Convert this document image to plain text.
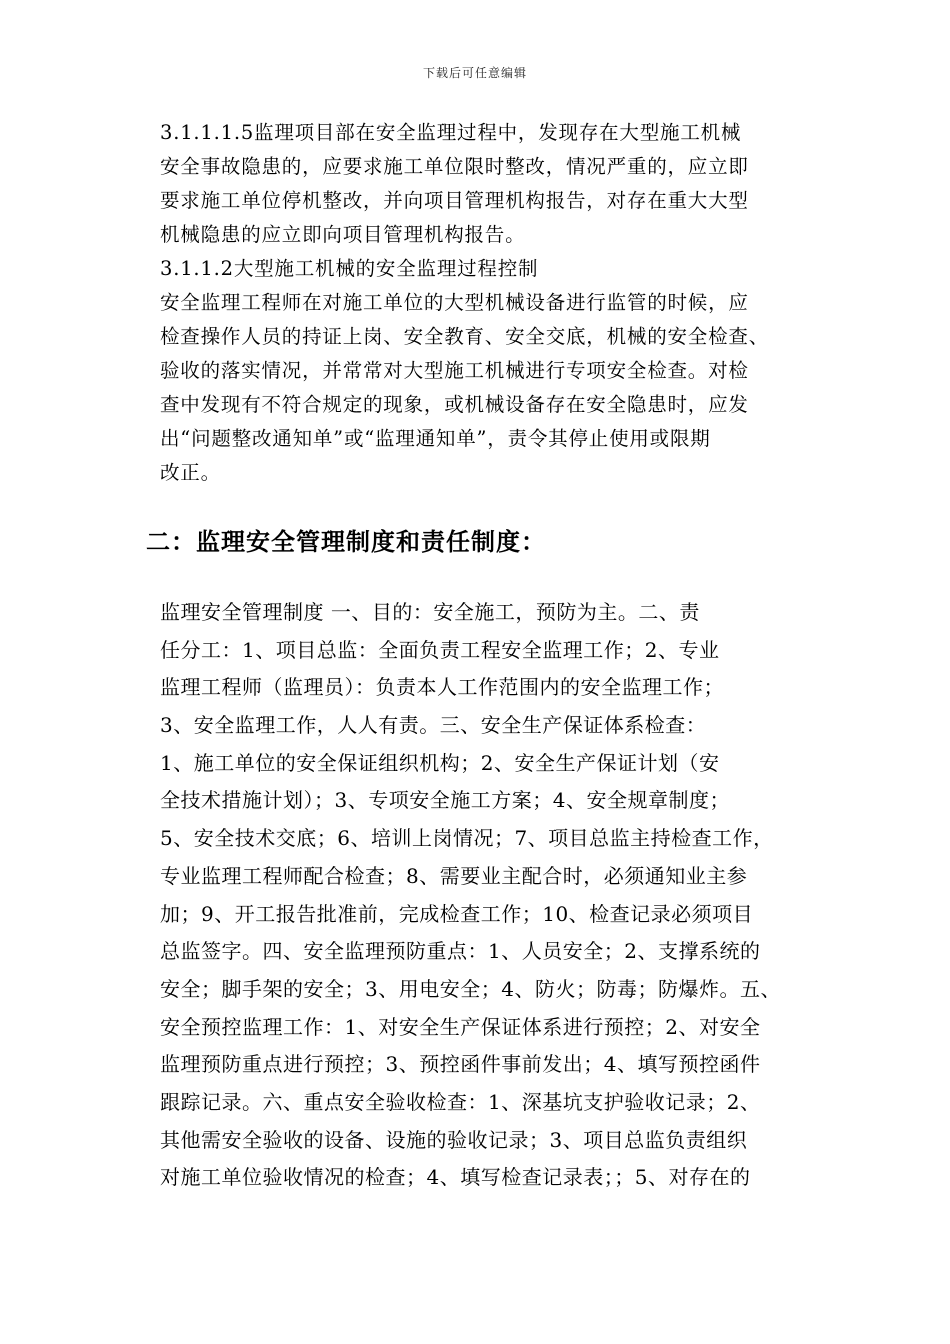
下载后可任意编辑
3.1.1.1.5监理项目部在安全监理过程中，发现存在大型施工机械
安全事故隐患的，应要求施工单位限时整改，情况严重的，应立即
要求施工单位停机整改，并向项目管理机构报告，对存在重大大型
机械隐患的应立即向项目管理机构报告。
3.1.1.2大型施工机械的安全监理过程控制
安全监理工程师在对施工单位的大型机械设备进行监管的时候，应
检查操作人员的持证上岗、安全教育、安全交底，机械的安全检查、
验收的落实情况，并常常对大型施工机械进行专项安全检查。对检
查中发现有不符合规定的现象，或机械设备存在安全隐患时，应发
出“问题整改通知单”或“监理通知单”，责令其停止使用或限期
改正。
二：监理安全管理制度和责任制度：
监理安全管理制度 一、目的：安全施工，预防为主。二、责
任分工：1、项目总监：全面负责工程安全监理工作；2、专业
监理工程师（监理员）：负责本人工作范围内的安全监理工作；
3、安全监理工作，人人有责。三、安全生产保证体系检查：
1、施工单位的安全保证组织机构；2、安全生产保证计划（安
全技术措施计划）；3、专项安全施工方案；4、安全规章制度；
5、安全技术交底；6、培训上岗情况；7、项目总监主持检查工作，
专业监理工程师配合检查；8、需要业主配合时，必须通知业主参
加；9、开工报告批准前，完成检查工作；10、检查记录必须项目
总监签字。四、安全监理预防重点：1、人员安全；2、支撑系统的
安全；脚手架的安全；3、用电安全；4、防火；防毒；防爆炸。五、
安全预控监理工作：1、对安全生产保证体系进行预控；2、对安全
监理预防重点进行预控；3、预控函件事前发出；4、填写预控函件
跟踪记录。六、重点安全验收检查：1、深基坑支护验收记录；2、
其他需安全验收的设备、设施的验收记录；3、项目总监负责组织
对施工单位验收情况的检查；4、填写检查记录表；；5、对存在的
